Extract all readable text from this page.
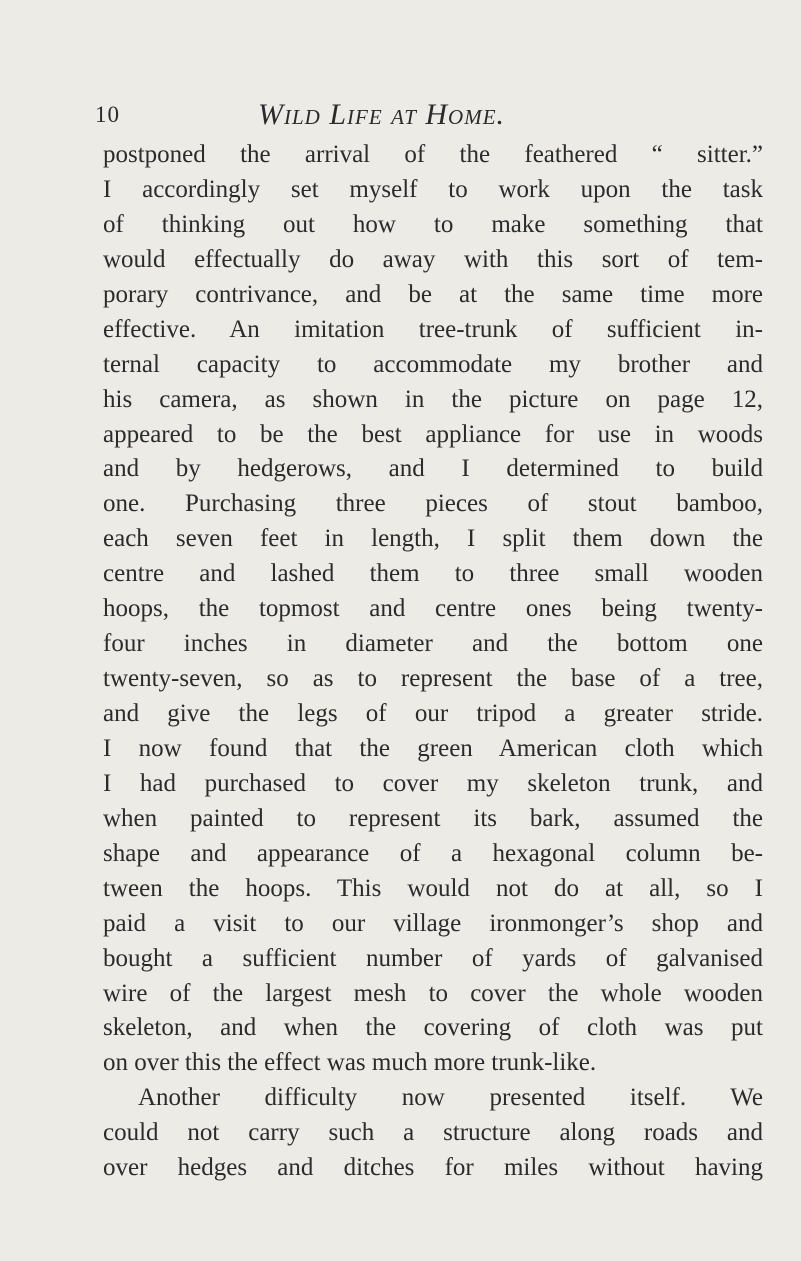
10	Wild Life at Home.
postponed the arrival of the feathered “ sitter.”
I accordingly set myself to work upon the task
of thinking out how to make something that
would effectually do away with this sort of tem-
porary contrivance, and be at the same time more
effective. An imitation tree-trunk of sufficient in-
ternal capacity to accommodate my brother and
his camera, as shown in the picture on page 12,
appeared to be the best appliance for use in woods
and by hedgerows, and I determined to build
one. Purchasing three pieces of stout bamboo,
each seven feet in length, I split them down the
centre and lashed them to three small wooden
hoops, the topmost and centre ones being twenty-
four inches in diameter and the bottom one
twenty-seven, so as to represent the base of a tree,
and give the legs of our tripod a greater stride.
I now found that the green American cloth which
I had purchased to cover my skeleton trunk, and
when painted to represent its bark, assumed the
shape and appearance of a hexagonal column be-
tween the hoops. This would not do at all, so I
paid a visit to our village ironmonger’s shop and
bought a sufficient number of yards of galvanised
wire of the largest mesh to cover the whole wooden
skeleton, and when the covering of cloth was put
on over this the effect was much more trunk-like.
Another difficulty now presented itself. We
could not carry such a structure along roads and
over hedges and ditches for miles without having
